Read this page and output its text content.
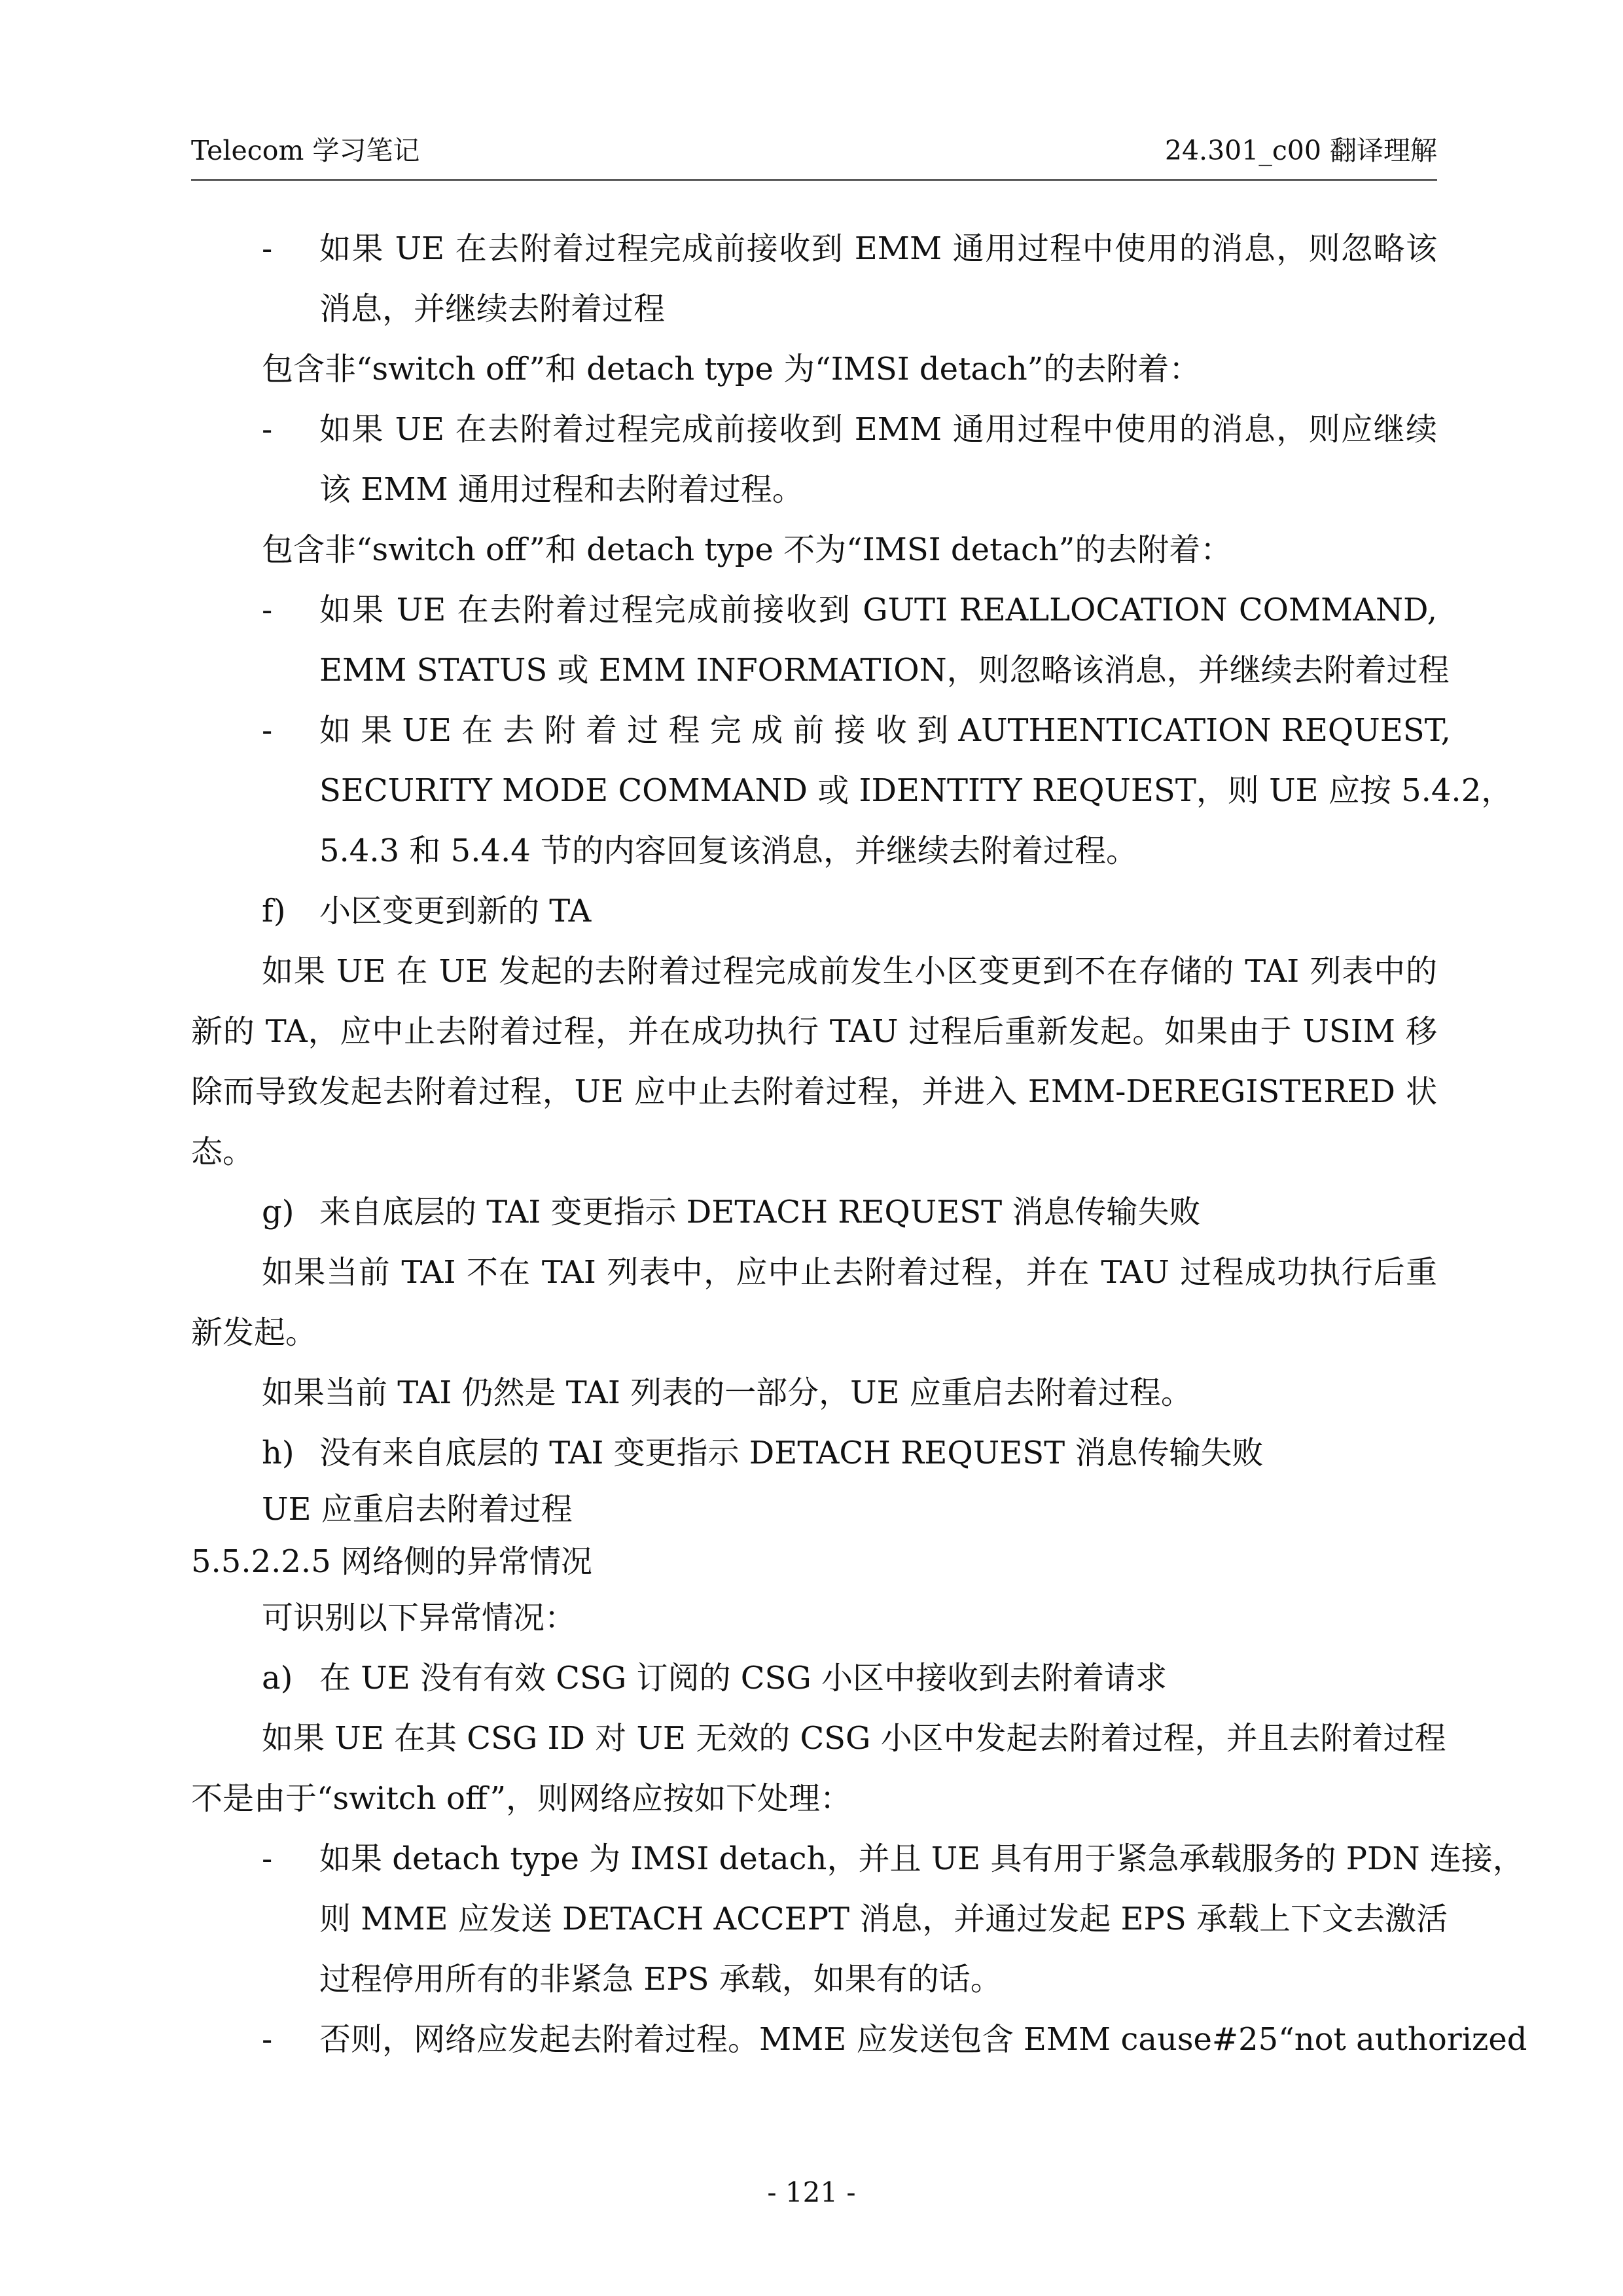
Telecom 学习笔记	24.301_c00 翻译理解
- 如果 UE 在去附着过程完成前接收到 EMM 通用过程中使用的消息，则忽略该
消息，并继续去附着过程
包含非“switch off”和 detach type 为“IMSI detach”的去附着：
- 如果 UE 在去附着过程完成前接收到 EMM 通用过程中使用的消息，则应继续
该 EMM 通用过程和去附着过程。
包含非“switch off”和 detach type 不为“IMSI detach”的去附着：
- 如果 UE 在去附着过程完成前接收到 GUTI REALLOCATION COMMAND,
EMM STATUS 或 EMM INFORMATION，则忽略该消息，并继续去附着过程
- 如 果 UE 在 去 附 着 过 程 完 成 前 接 收 到 AUTHENTICATION REQUEST,
SECURITY MODE COMMAND 或 IDENTITY REQUEST，则 UE 应按 5.4.2，
5.4.3 和 5.4.4 节的内容回复该消息，并继续去附着过程。
f) 小区变更到新的 TA
如果 UE 在 UE 发起的去附着过程完成前发生小区变更到不在存储的 TAI 列表中的
新的 TA，应中止去附着过程，并在成功执行 TAU 过程后重新发起。如果由于 USIM 移
除而导致发起去附着过程，UE 应中止去附着过程，并进入 EMM-DEREGISTERED 状
态。
g) 来自底层的 TAI 变更指示 DETACH REQUEST 消息传输失败
如果当前 TAI 不在 TAI 列表中，应中止去附着过程，并在 TAU 过程成功执行后重
新发起。
如果当前 TAI 仍然是 TAI 列表的一部分，UE 应重启去附着过程。
h) 没有来自底层的 TAI 变更指示 DETACH REQUEST 消息传输失败
UE 应重启去附着过程
5.5.2.2.5 网络侧的异常情况
可识别以下异常情况：
a) 在 UE 没有有效 CSG 订阅的 CSG 小区中接收到去附着请求
如果 UE 在其 CSG ID 对 UE 无效的 CSG 小区中发起去附着过程，并且去附着过程
不是由于“switch off”，则网络应按如下处理：
- 如果 detach type 为 IMSI detach，并且 UE 具有用于紧急承载服务的 PDN 连接，
则 MME 应发送 DETACH ACCEPT 消息，并通过发起 EPS 承载上下文去激活
过程停用所有的非紧急 EPS 承载，如果有的话。
- 否则，网络应发起去附着过程。MME 应发送包含 EMM cause#25“not authorized
- 121 -
